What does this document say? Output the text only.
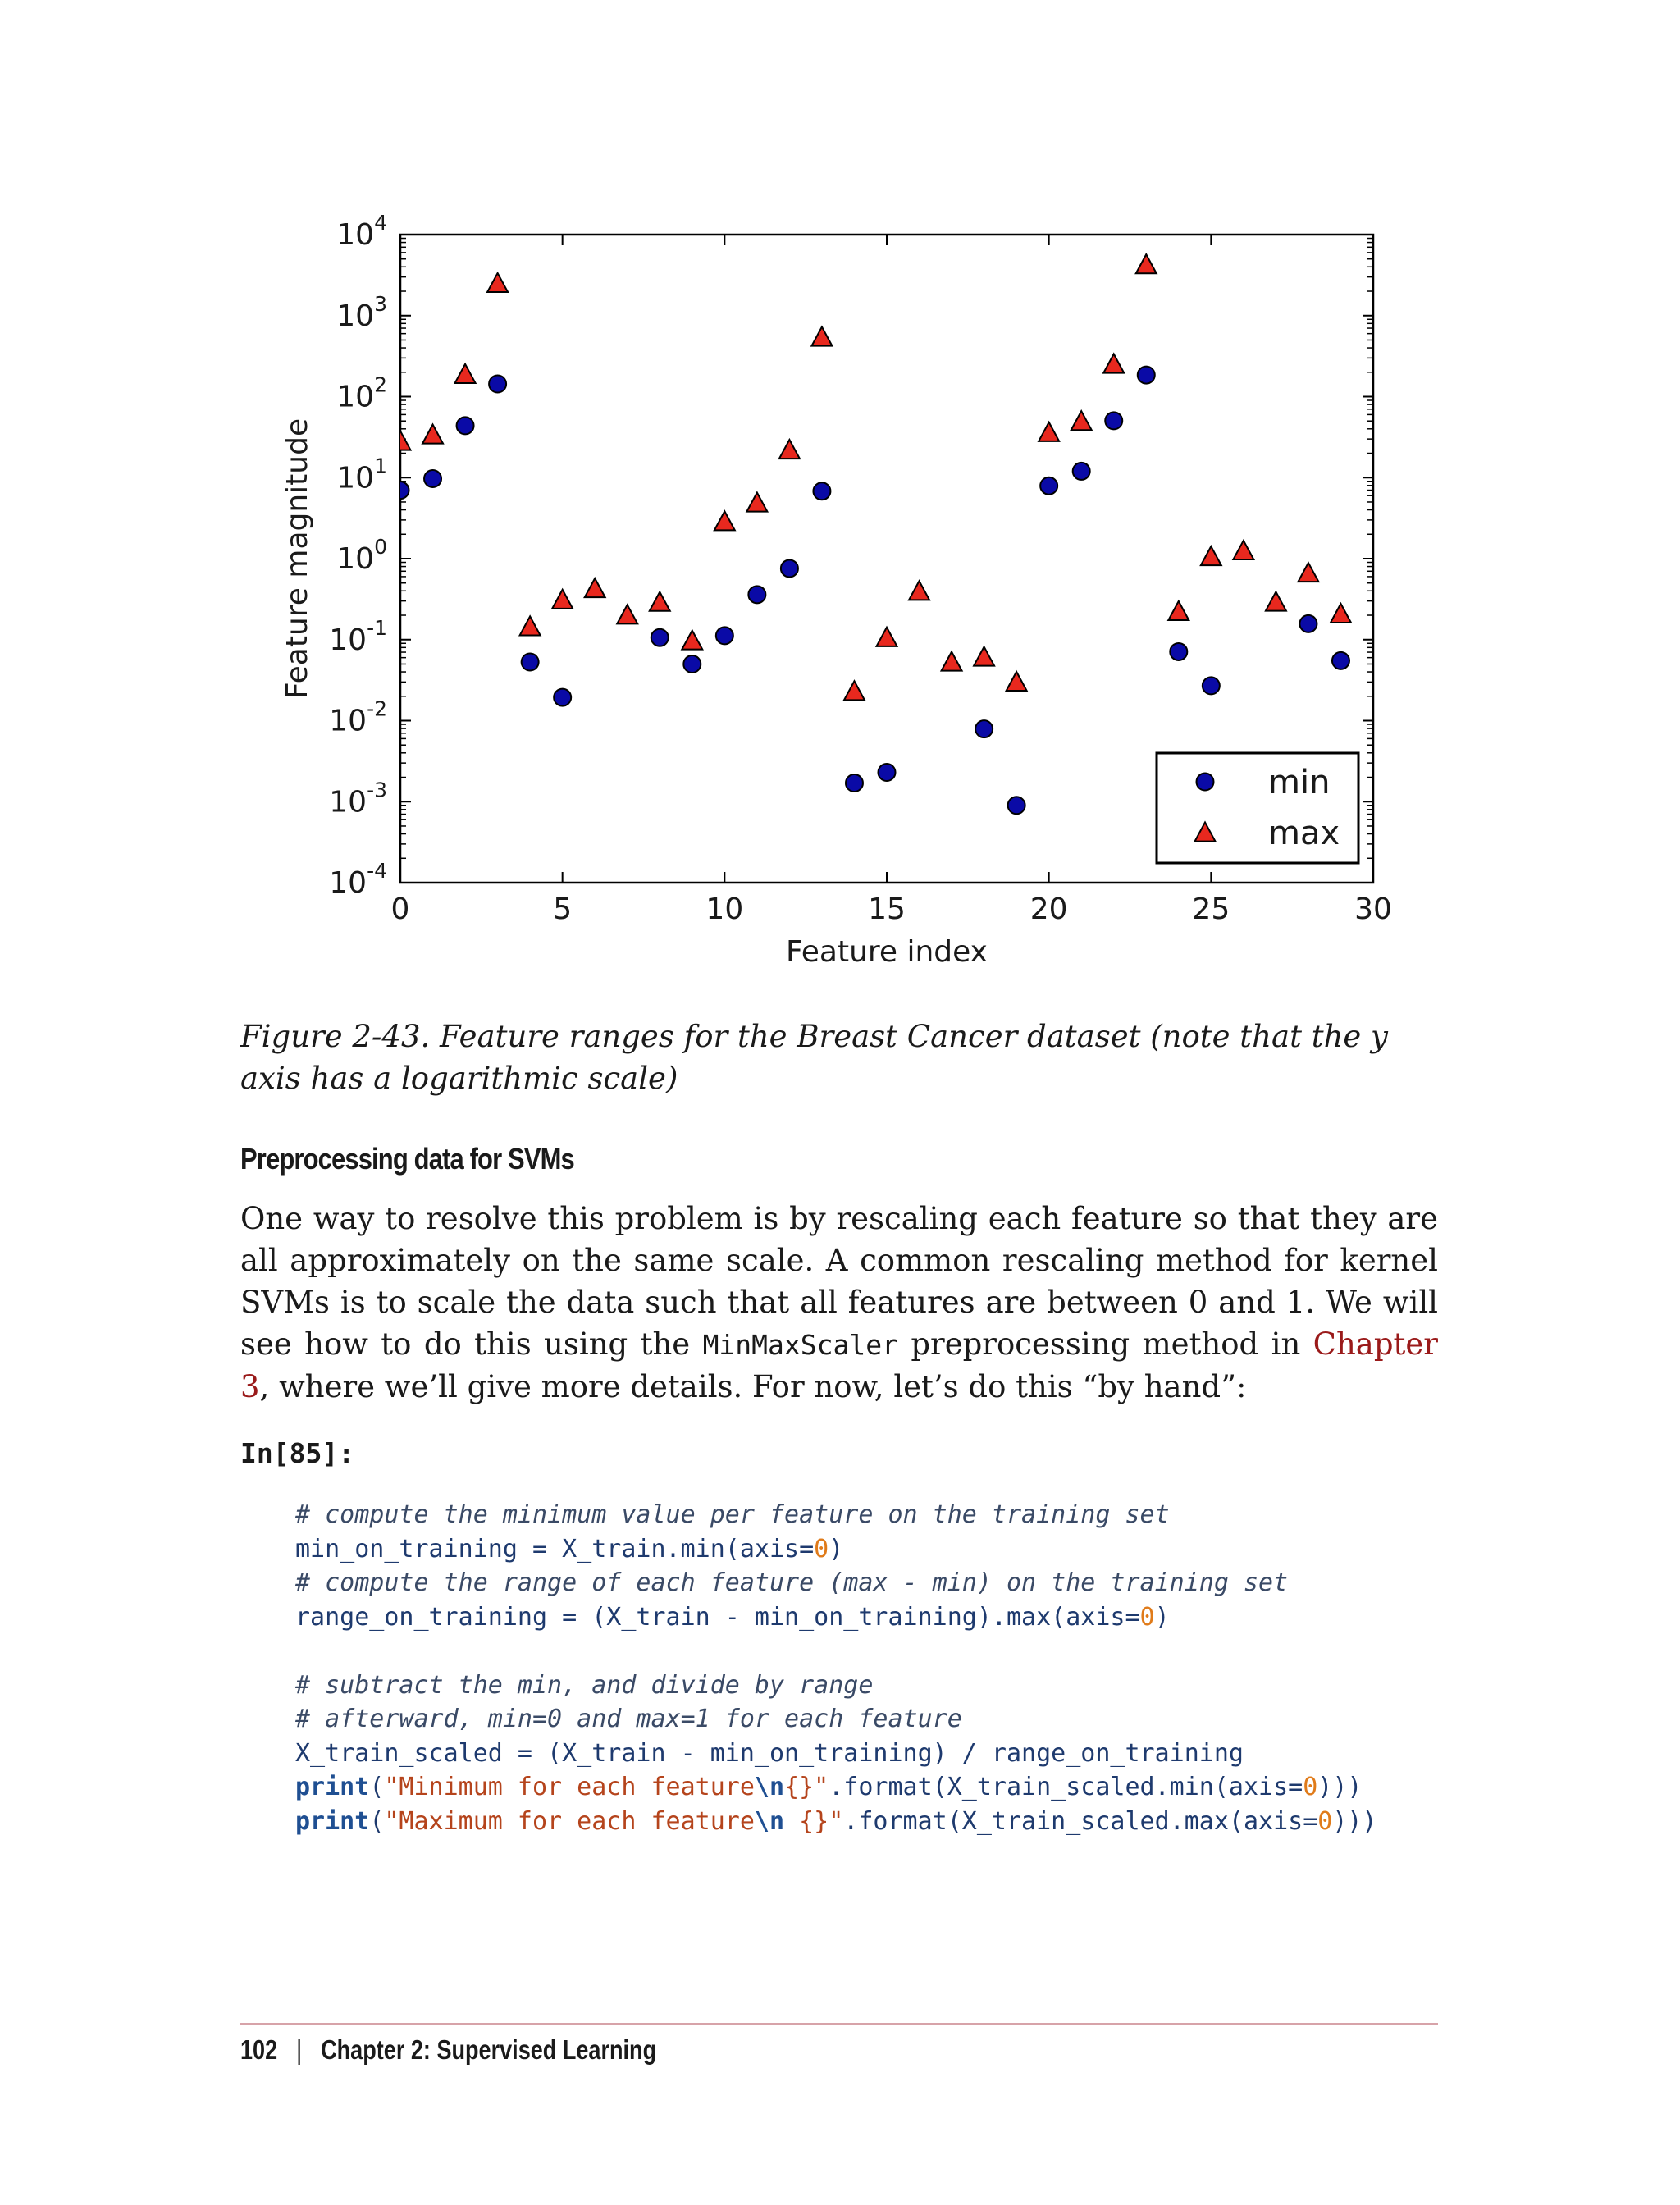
$10^4$
$10^3$
$10^2$
$10^1$
$10^0$
$10^{-1}$
$10^{-2}$
$10^{-3}$
$10^{-4}$
0	5	10	15	20	25	30
Feature index
Feature magnitude
min
max

Figure 2-43. Feature ranges for the Breast Cancer dataset (note that the y axis has a logarithmic scale)

Preprocessing data for SVMs

One way to resolve this problem is by rescaling each feature so that they are all approximately on the same scale. A common rescaling method for kernel SVMs is to scale the data such that all features are between 0 and 1. We will see how to do this using the MinMaxScaler preprocessing method in Chapter 3, where we’ll give more details. For now, let’s do this “by hand”:

In[85]:
# compute the minimum value per feature on the training set
min_on_training = X_train.min(axis=0)
# compute the range of each feature (max - min) on the training set
range_on_training = (X_train - min_on_training).max(axis=0)
# subtract the min, and divide by range
# afterward, min=0 and max=1 for each feature
X_train_scaled = (X_train - min_on_training) / range_on_training
print("Minimum for each feature\n{}".format(X_train_scaled.min(axis=0)))
print("Maximum for each feature\n {}".format(X_train_scaled.max(axis=0)))
102 | Chapter 2: Supervised Learning
